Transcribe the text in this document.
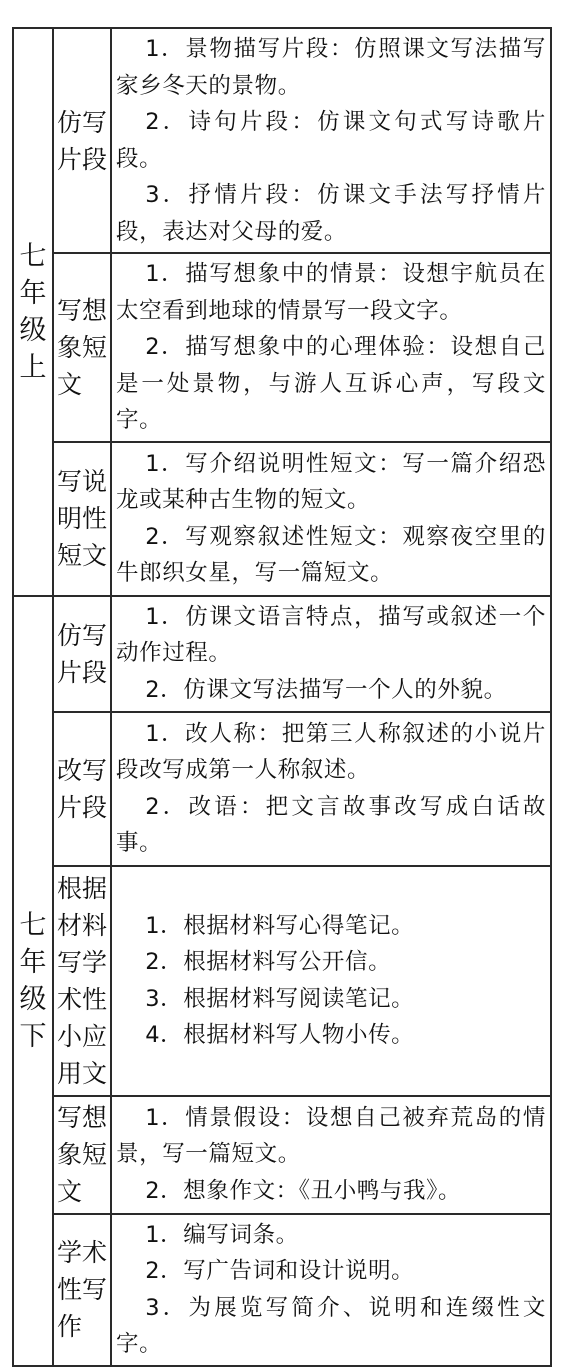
七年级上	仿写片段	1．景物描写片段：仿照课文写法描写家乡冬天的景物。
2．诗句片段：仿课文句式写诗歌片段。
3．抒情片段：仿课文手法写抒情片段，表达对父母的爱。

	写想象短文	1．描写想象中的情景：设想宇航员在太空看到地球的情景写一段文字。
2．描写想象中的心理体验：设想自己是一处景物，与游人互诉心声，写段文字。

	写说明性短文	1．写介绍说明性短文：写一篇介绍恐龙或某种古生物的短文。
2．写观察叙述性短文：观察夜空里的牛郎织女星，写一篇短文。

七年级下	仿写片段	1．仿课文语言特点，描写或叙述一个动作过程。
2．仿课文写法描写一个人的外貌。

	改写片段	1．改人称：把第三人称叙述的小说片段改写成第一人称叙述。
2．改语：把文言故事改写成白话故事。

	根据材料写学术性小应用文	1．根据材料写心得笔记。
2．根据材料写公开信。
3．根据材料写阅读笔记。
4．根据材料写人物小传。

	写想象短文	1．情景假设：设想自己被弃荒岛的情景，写一篇短文。
2．想象作文：《丑小鸭与我》。

	学术性写作	1．编写词条。
2．写广告词和设计说明。
3．为展览写简介、说明和连缀性文字。
